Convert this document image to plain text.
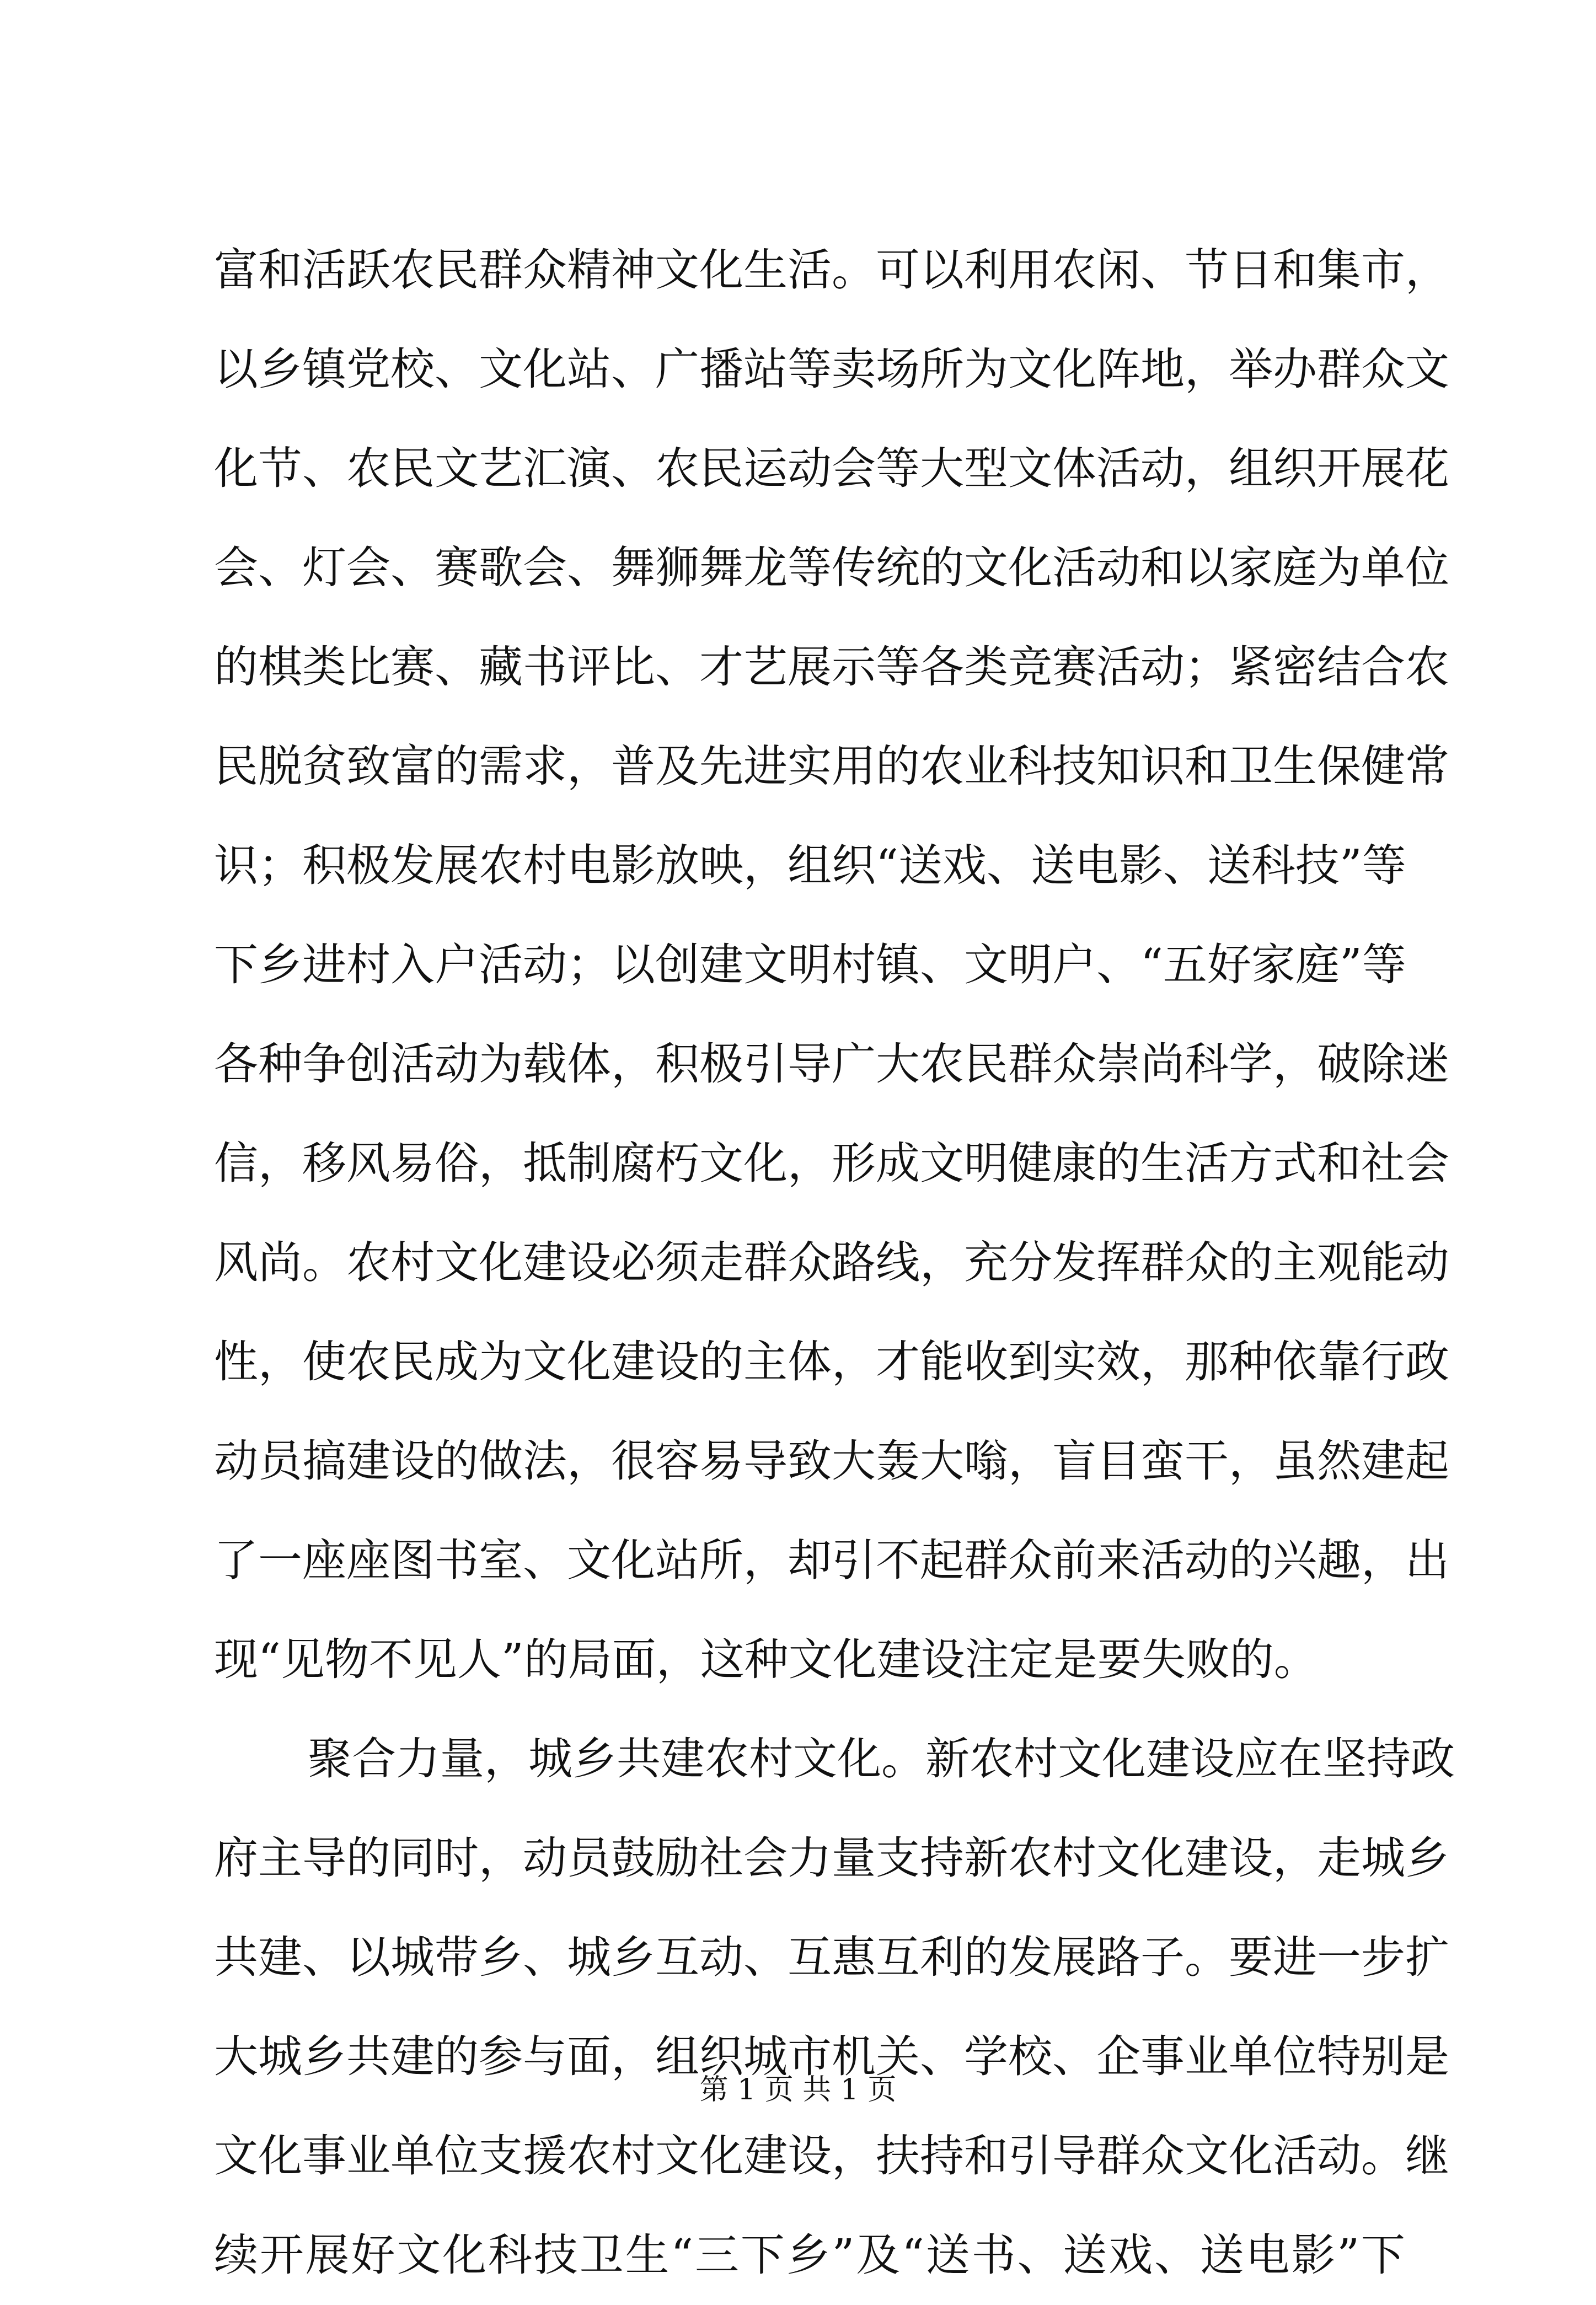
富和活跃农民群众精神文化生活。可以利用农闲、节日和集市，
以乡镇党校、文化站、广播站等卖场所为文化阵地，举办群众文
化节、农民文艺汇演、农民运动会等大型文体活动，组织开展花
会、灯会、赛歌会、舞狮舞龙等传统的文化活动和以家庭为单位
的棋类比赛、藏书评比、才艺展示等各类竞赛活动；紧密结合农
民脱贫致富的需求，普及先进实用的农业科技知识和卫生保健常
识；积极发展农村电影放映，组织“送戏、送电影、送科技”等
下乡进村入户活动；以创建文明村镇、文明户、“五好家庭”等
各种争创活动为载体，积极引导广大农民群众崇尚科学，破除迷
信，移风易俗，抵制腐朽文化，形成文明健康的生活方式和社会
风尚。农村文化建设必须走群众路线，充分发挥群众的主观能动
性，使农民成为文化建设的主体，才能收到实效，那种依靠行政
动员搞建设的做法，很容易导致大轰大嗡，盲目蛮干，虽然建起
了一座座图书室、文化站所，却引不起群众前来活动的兴趣，出
现“见物不见人”的局面，这种文化建设注定是要失败的。
聚合力量，城乡共建农村文化。新农村文化建设应在坚持政
府主导的同时，动员鼓励社会力量支持新农村文化建设，走城乡
共建、以城带乡、城乡互动、互惠互利的发展路子。要进一步扩
大城乡共建的参与面，组织城市机关、学校、企事业单位特别是
文化事业单位支援农村文化建设，扶持和引导群众文化活动。继
续开展好文化科技卫生“三下乡”及“送书、送戏、送电影”下
第 1 页 共 1 页
